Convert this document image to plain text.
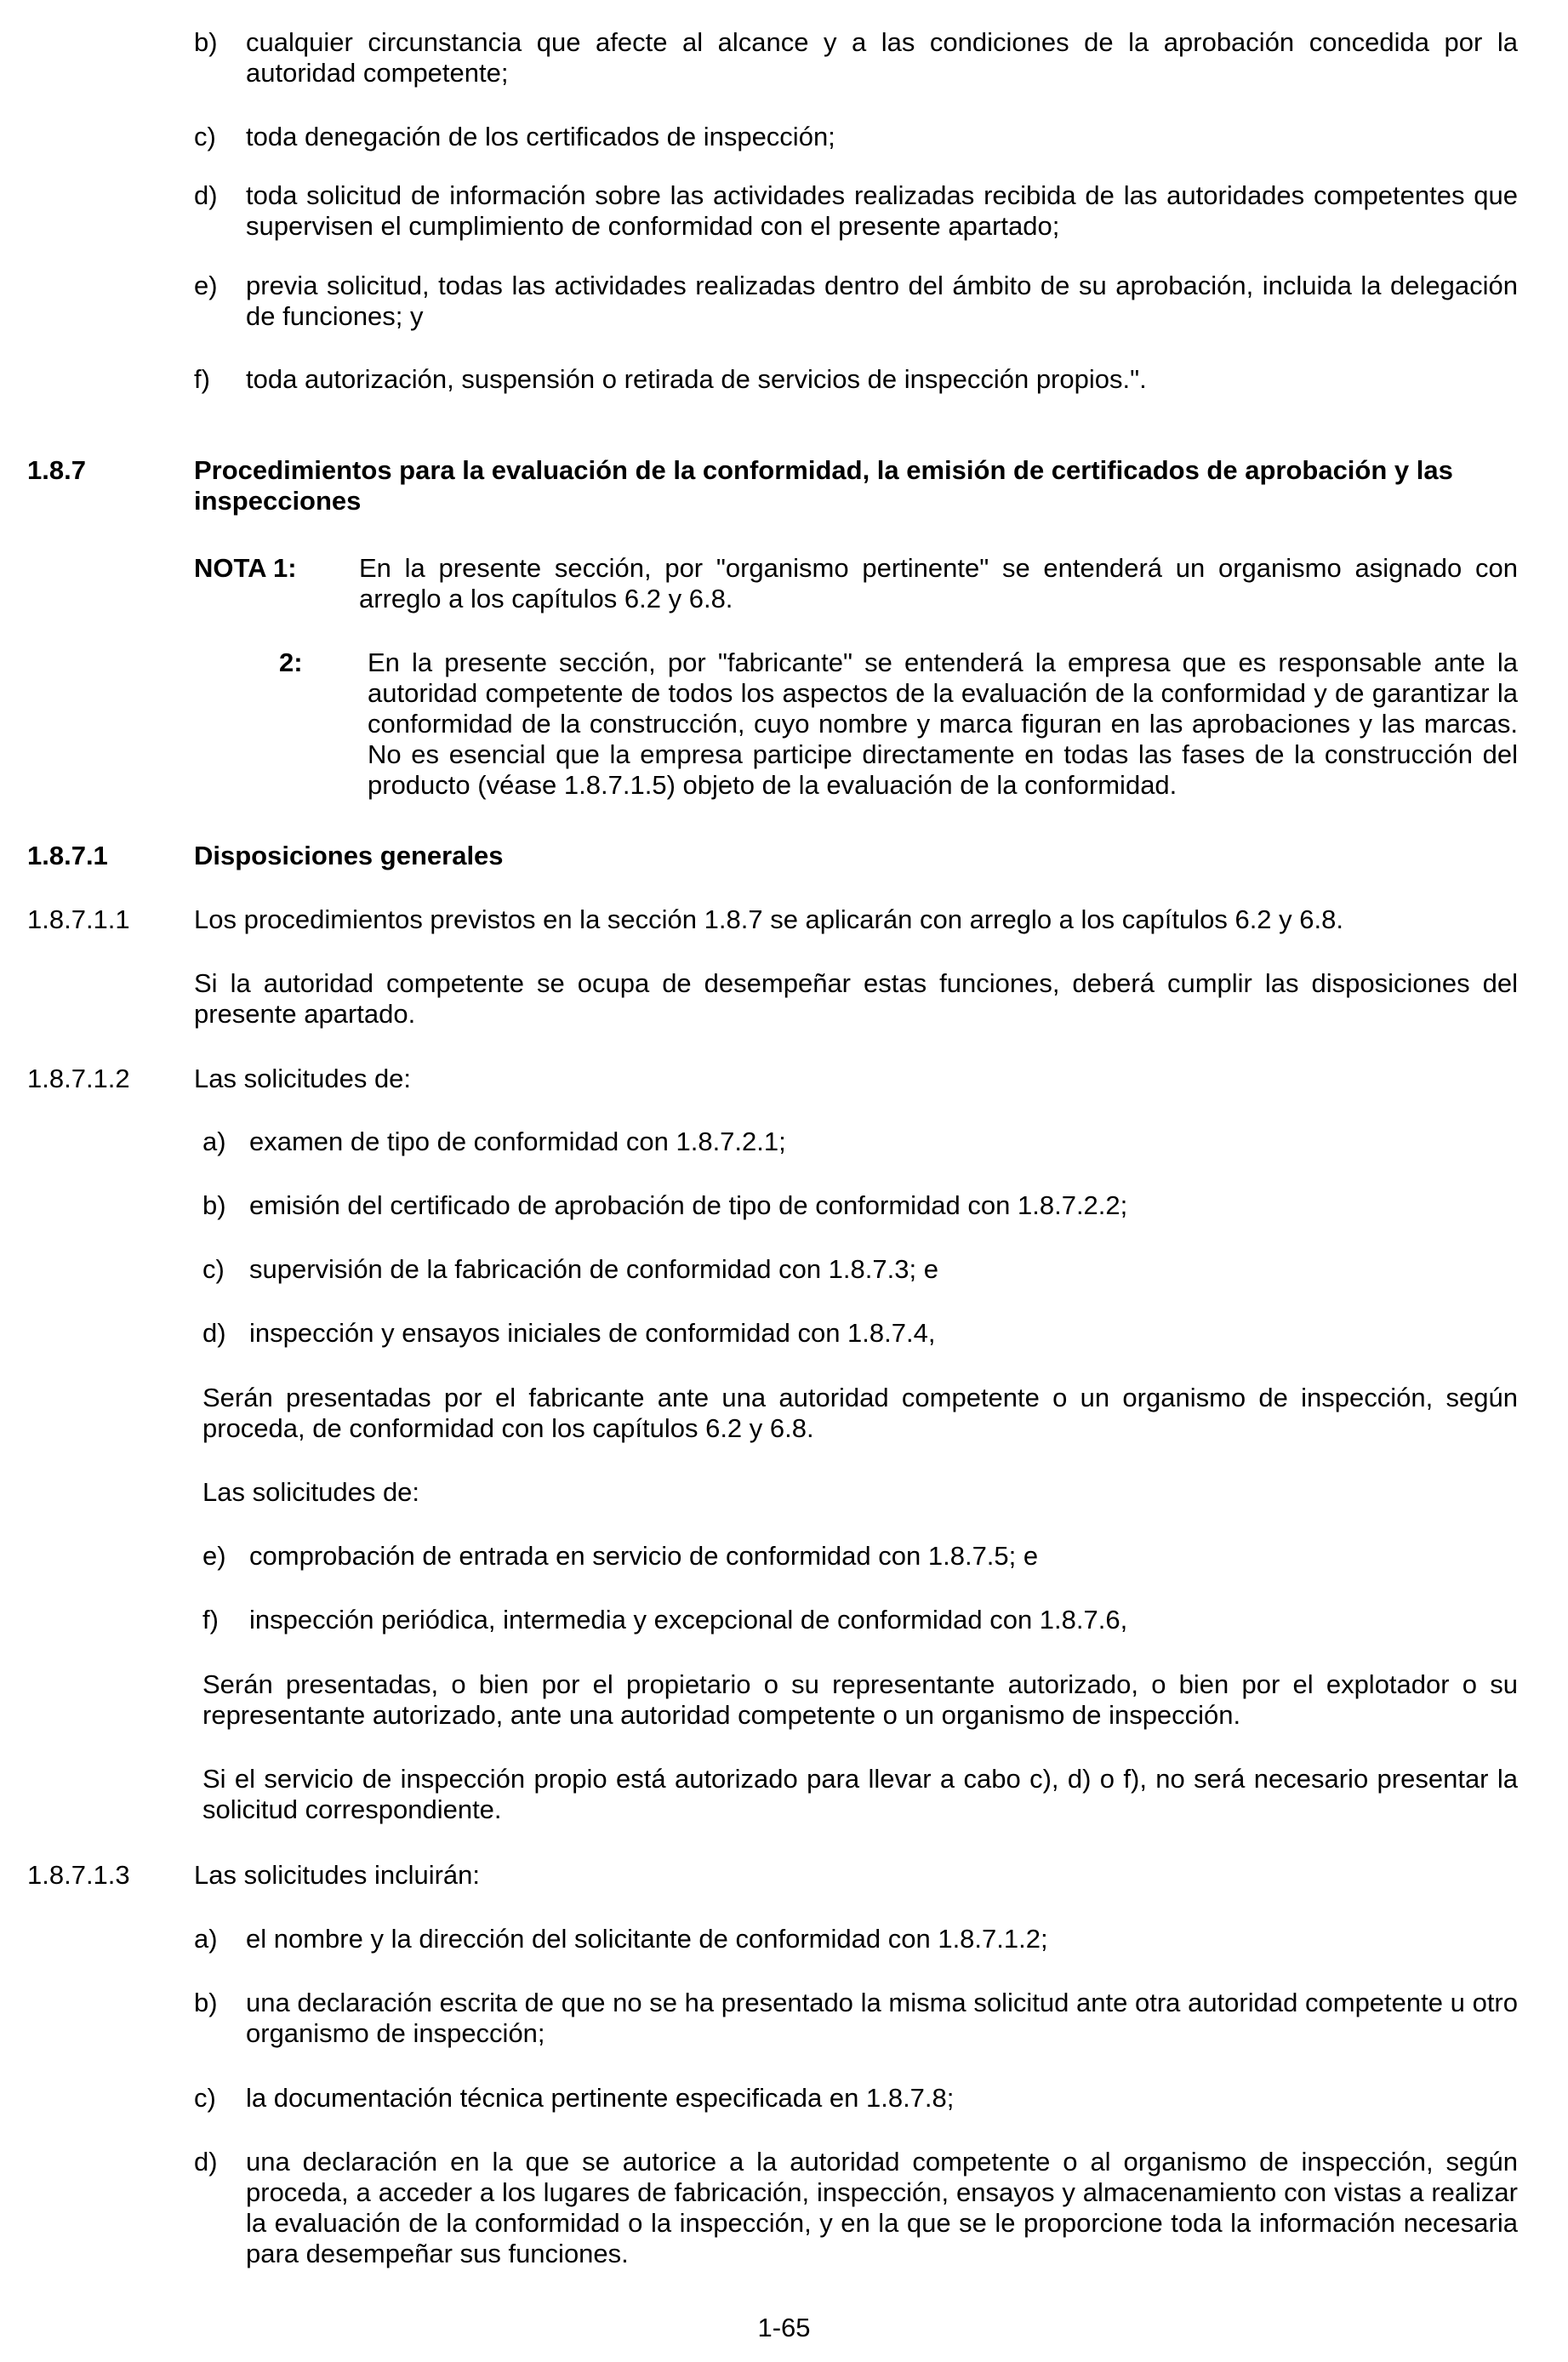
b) cualquier circunstancia que afecte al alcance y a las condiciones de la aprobación concedida por la autoridad competente;
c) toda denegación de los certificados de inspección;
d) toda solicitud de información sobre las actividades realizadas recibida de las autoridades competentes que supervisen el cumplimiento de conformidad con el presente apartado;
e) previa solicitud, todas las actividades realizadas dentro del ámbito de su aprobación, incluida la delegación de funciones; y
f) toda autorización, suspensión o retirada de servicios de inspección propios.".
1.8.7	Procedimientos para la evaluación de la conformidad, la emisión de certificados de aprobación y las inspecciones
NOTA 1: En la presente sección, por "organismo pertinente" se entenderá un organismo asignado con arreglo a los capítulos 6.2 y 6.8.
2: En la presente sección, por "fabricante" se entenderá la empresa que es responsable ante la autoridad competente de todos los aspectos de la evaluación de la conformidad y de garantizar la conformidad de la construcción, cuyo nombre y marca figuran en las aprobaciones y las marcas. No es esencial que la empresa participe directamente en todas las fases de la construcción del producto (véase 1.8.7.1.5) objeto de la evaluación de la conformidad.
1.8.7.1	Disposiciones generales
1.8.7.1.1 Los procedimientos previstos en la sección 1.8.7 se aplicarán con arreglo a los capítulos 6.2 y 6.8.
Si la autoridad competente se ocupa de desempeñar estas funciones, deberá cumplir las disposiciones del presente apartado.
1.8.7.1.2 Las solicitudes de:
a) examen de tipo de conformidad con 1.8.7.2.1;
b) emisión del certificado de aprobación de tipo de conformidad con 1.8.7.2.2;
c) supervisión de la fabricación de conformidad con 1.8.7.3; e
d) inspección y ensayos iniciales de conformidad con 1.8.7.4,
Serán presentadas por el fabricante ante una autoridad competente o un organismo de inspección, según proceda, de conformidad con los capítulos 6.2 y 6.8.
Las solicitudes de:
e) comprobación de entrada en servicio de conformidad con 1.8.7.5; e
f) inspección periódica, intermedia y excepcional de conformidad con 1.8.7.6,
Serán presentadas, o bien por el propietario o su representante autorizado, o bien por el explotador o su representante autorizado, ante una autoridad competente o un organismo de inspección.
Si el servicio de inspección propio está autorizado para llevar a cabo c), d) o f), no será necesario presentar la solicitud correspondiente.
1.8.7.1.3 Las solicitudes incluirán:
a) el nombre y la dirección del solicitante de conformidad con 1.8.7.1.2;
b) una declaración escrita de que no se ha presentado la misma solicitud ante otra autoridad competente u otro organismo de inspección;
c) la documentación técnica pertinente especificada en 1.8.7.8;
d) una declaración en la que se autorice a la autoridad competente o al organismo de inspección, según proceda, a acceder a los lugares de fabricación, inspección, ensayos y almacenamiento con vistas a realizar la evaluación de la conformidad o la inspección, y en la que se le proporcione toda la información necesaria para desempeñar sus funciones.
1-65
